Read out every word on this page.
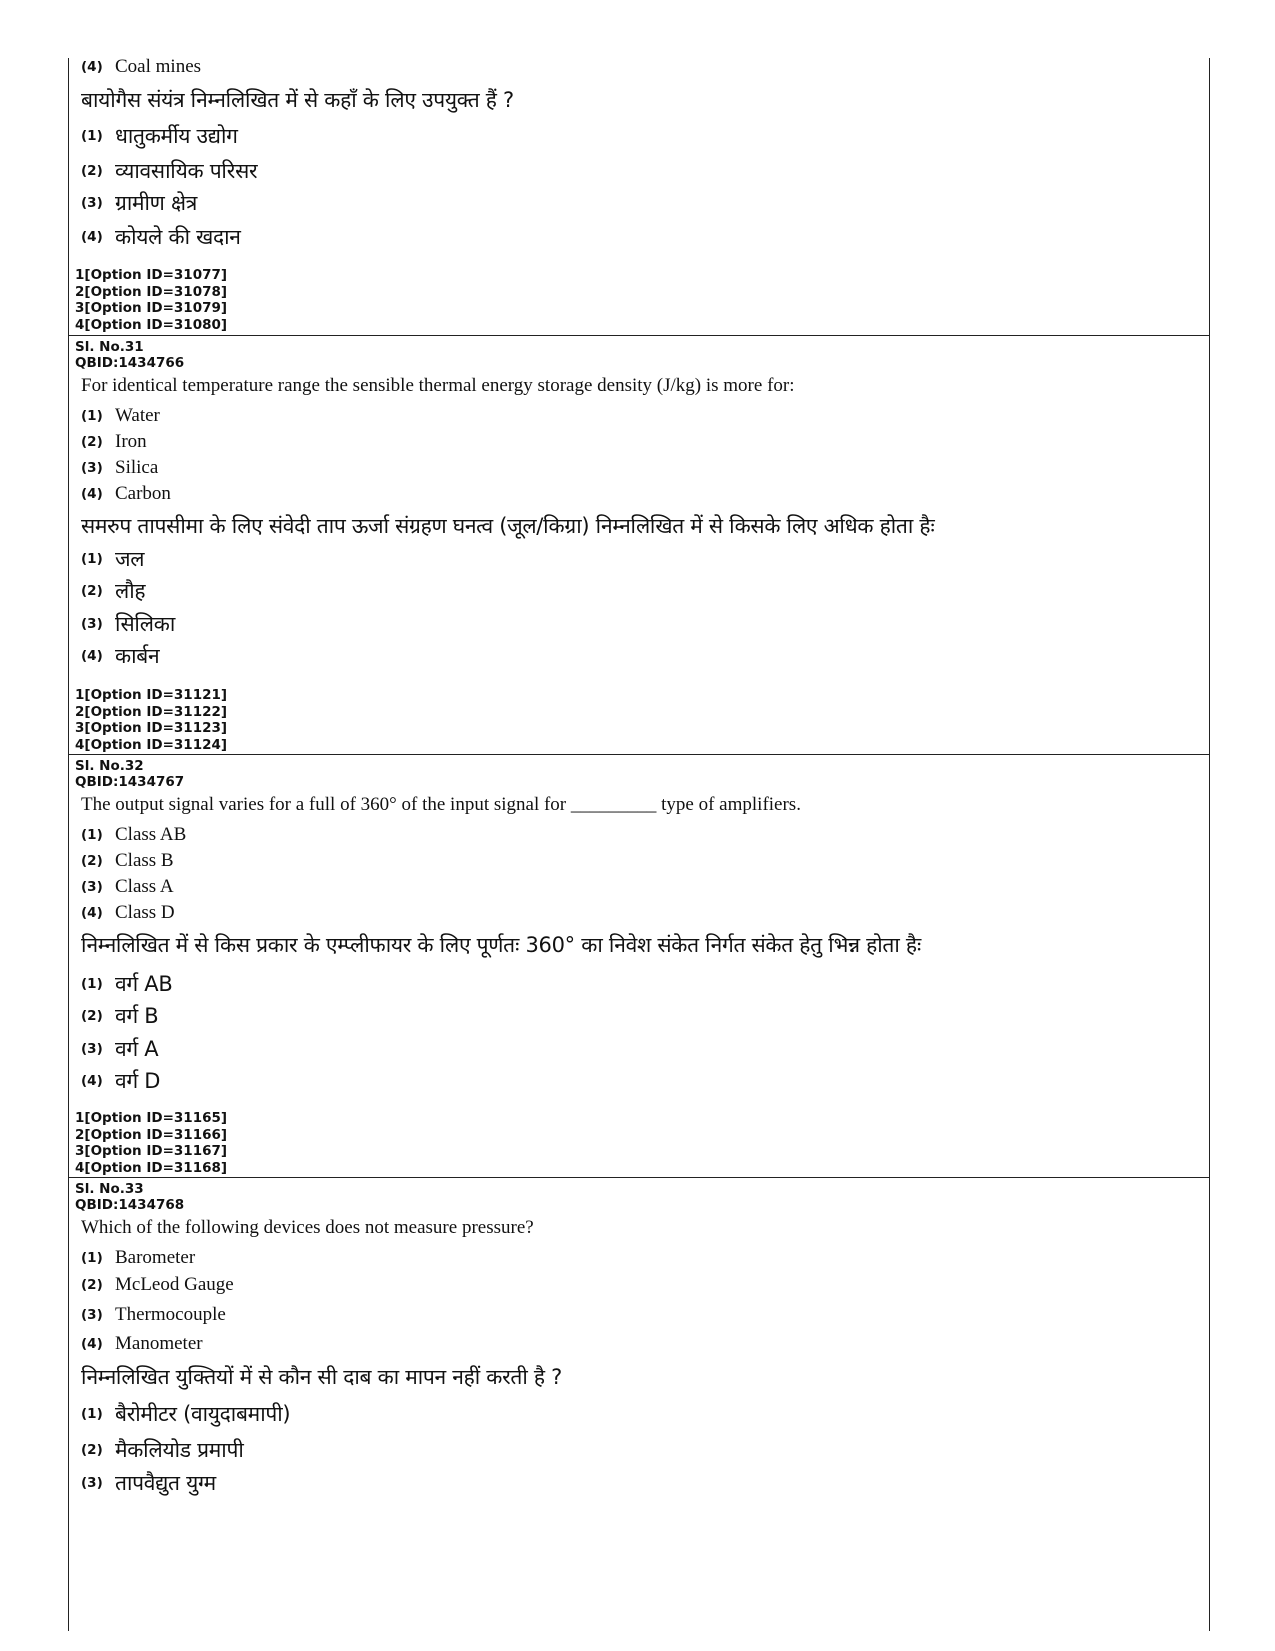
(4) Coal mines
बायोगैस संयंत्र निम्नलिखित में से कहाँ के लिए उपयुक्त हैं ?
(1) धातुकर्मीय उद्योग
(2) व्यावसायिक परिसर
(3) ग्रामीण क्षेत्र
(4) कोयले की खदान
1[Option ID=31077]
2[Option ID=31078]
3[Option ID=31079]
4[Option ID=31080]
Sl. No.31
QBID:1434766
For identical temperature range the sensible thermal energy storage density (J/kg) is more for:
(1) Water
(2) Iron
(3) Silica
(4) Carbon
समरुप तापसीमा के लिए संवेदी ताप ऊर्जा संग्रहण घनत्व (जूल/किग्रा) निम्नलिखित में से किसके लिए अधिक होता हैः
(1) जल
(2) लौह
(3) सिलिका
(4) कार्बन
1[Option ID=31121]
2[Option ID=31122]
3[Option ID=31123]
4[Option ID=31124]
Sl. No.32
QBID:1434767
The output signal varies for a full of 360° of the input signal for _________ type of amplifiers.
(1) Class AB
(2) Class B
(3) Class A
(4) Class D
निम्नलिखित में से किस प्रकार के एम्प्लीफायर के लिए पूर्णतः 360° का निवेश संकेत निर्गत संकेत हेतु भिन्न होता हैः
(1) वर्ग AB
(2) वर्ग B
(3) वर्ग A
(4) वर्ग D
1[Option ID=31165]
2[Option ID=31166]
3[Option ID=31167]
4[Option ID=31168]
Sl. No.33
QBID:1434768
Which of the following devices does not measure pressure?
(1) Barometer
(2) McLeod Gauge
(3) Thermocouple
(4) Manometer
निम्नलिखित युक्तियों में से कौन सी दाब का मापन नहीं करती है ?
(1) बैरोमीटर (वायुदाबमापी)
(2) मैकलियोड प्रमापी
(3) तापवैद्युत युग्म
